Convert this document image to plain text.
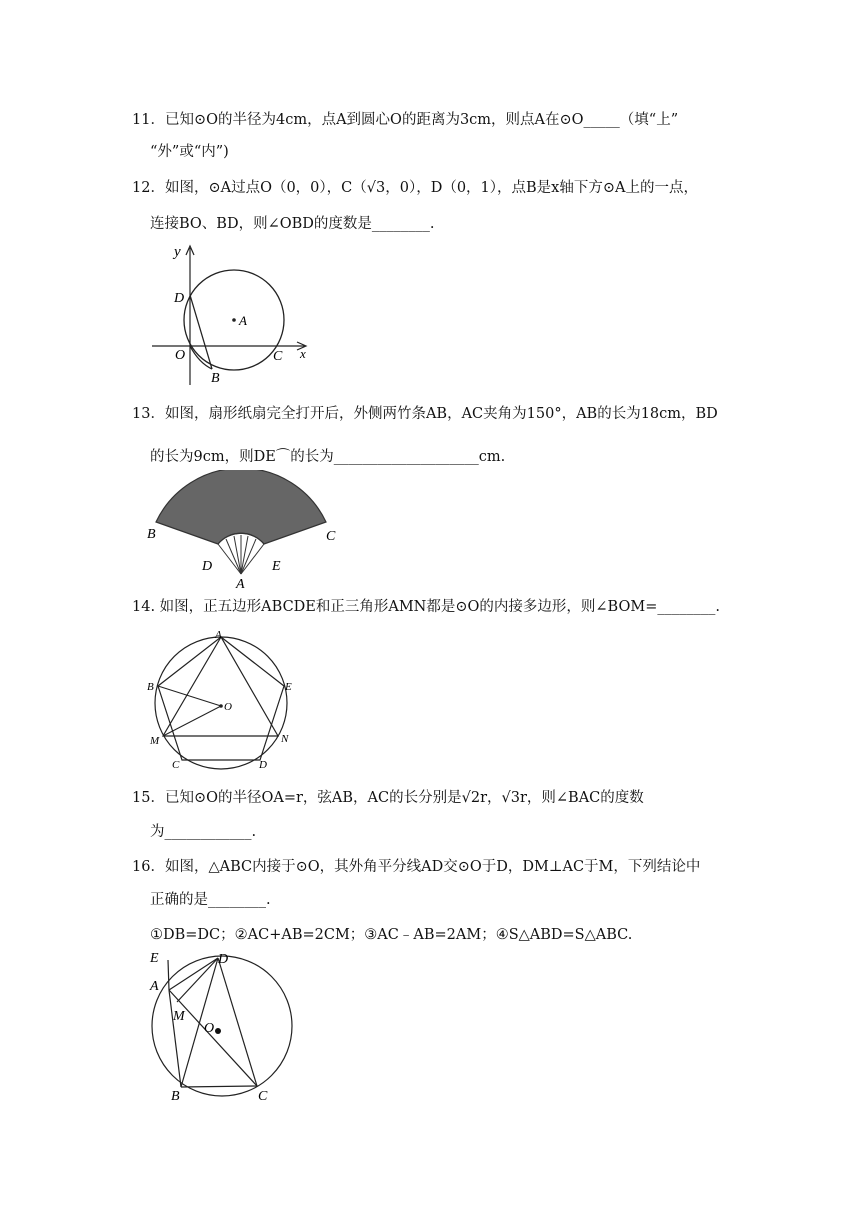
11．已知⊙O的半径为4cm，点A到圆心O的距离为3cm，则点A在⊙O_____（填“上”
“外”或“内”)
12．如图，⊙A过点O（0，0），C（√3，0），D（0，1），点B是x轴下方⊙A上的一点，
连接BO、BD，则∠OBD的度数是________.
y
D
A
O	C x
B
13．如图，扇形纸扇完全打开后，外侧两竹条AB，AC夹角为150°，AB的长为18cm，BD
的长为9cm，则DE⌒的长为____________________cm.
B	C
D
A
E
14. 如图，正五边形ABCDE和正三角形AMN都是⊙O的内接多边形，则∠BOM=________.
A
B	E
O
M	N
C	D
15．已知⊙O的半径OA=r，弦AB，AC的长分别是√2r，√3r，则∠BAC的度数
为____________.
16．如图，△ABC内接于⊙O，其外角平分线AD交⊙O于D，DM⊥AC于M，下列结论中
正确的是________.
①DB=DC；②AC+AB=2CM；③AC﹣AB=2AM；④S△ABD=S△ABC.
E
A
D
M
O
B	C
